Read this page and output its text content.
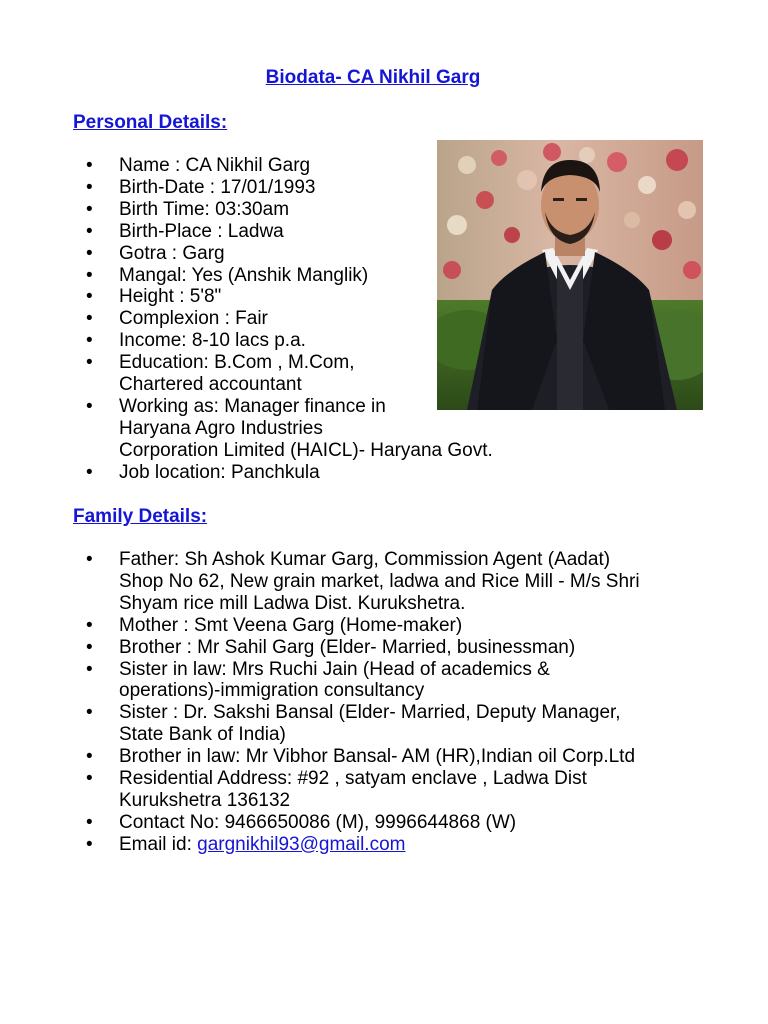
Biodata- CA Nikhil Garg
Personal Details:
• Name : CA Nikhil Garg
• Birth-Date : 17/01/1993
• Birth Time: 03:30am
• Birth-Place : Ladwa
• Gotra : Garg
• Mangal: Yes (Anshik Manglik)
• Height : 5'8"
• Complexion : Fair
• Income: 8-10 lacs p.a.
• Education: B.Com , M.Com,
Chartered accountant
• Working as: Manager finance in
Haryana Agro Industries
Corporation Limited (HAICL)- Haryana Govt.
• Job location: Panchkula
Family Details:
• Father: Sh Ashok Kumar Garg, Commission Agent (Aadat)
Shop No 62, New grain market, ladwa and Rice Mill - M/s Shri
Shyam rice mill Ladwa Dist. Kurukshetra.
• Mother : Smt Veena Garg (Home-maker)
• Brother : Mr Sahil Garg (Elder- Married, businessman)
• Sister in law: Mrs Ruchi Jain (Head of academics &
operations)-immigration consultancy
• Sister : Dr. Sakshi Bansal (Elder- Married, Deputy Manager,
State Bank of India)
• Brother in law: Mr Vibhor Bansal- AM (HR),Indian oil Corp.Ltd
• Residential Address: #92 , satyam enclave , Ladwa Dist
Kurukshetra 136132
• Contact No: 9466650086 (M), 9996644868 (W)
• Email id: gargnikhil93@gmail.com
